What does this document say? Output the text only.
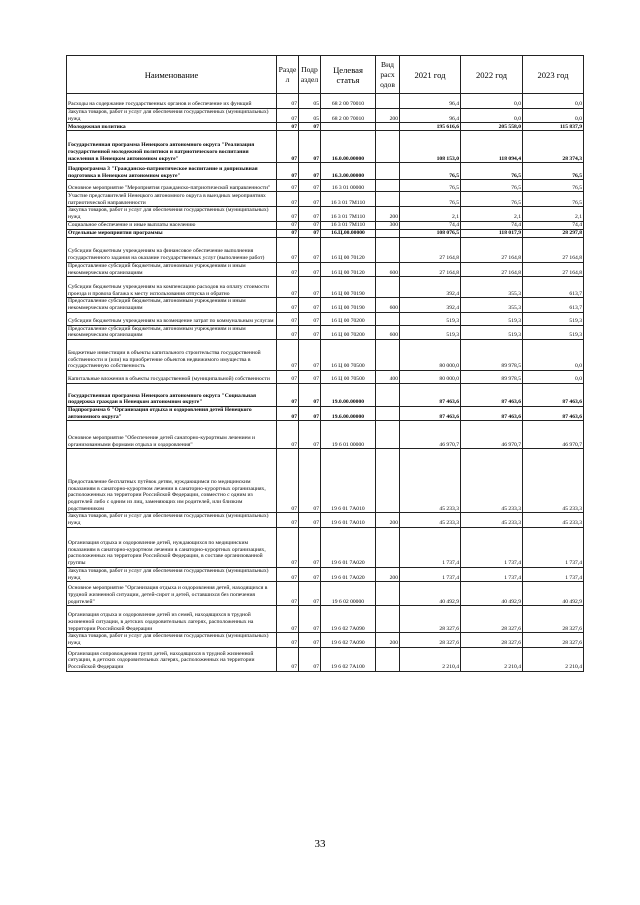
Наименование	Разде л	Подр аздел	Целевая статья	Вид расх одов	2021 год	2022 год	2023 год
Расходы на содержание государственных органов и обеспечение их функций	07	05	68 2 00 70010		96,4	0,0	0,0
Закупка товаров, работ и услуг для обеспечения государственных (муниципальных) нужд	07	05	68 2 00 70010	200	96,4	0,0	0,0
Молодежная политика	07	07			195 616,6	205 558,0	115 837,9
Государственная программа Ненецкого автономного округа "Реализация государственной молодежной политики и патриотического воспитания населения в Ненецком автономном округе"	07	07	16.0.00.00000		108 153,0	118 094,4	28 374,3
Подпрограмма 3 "Гражданско-патриотическое воспитание и допризывная подготовка в Ненецком автономном округе"	07	07	16.3.00.00000		76,5	76,5	76,5
Основное мероприятие "Мероприятия гражданско-патриотической направленности"	07	07	16 3 01 00000		76,5	76,5	76,5
Участие представителей Ненецкого автономного округа в выездных мероприятиях патриотической направленности	07	07	16 3 01 7М110		76,5	76,5	76,5
Закупка товаров, работ и услуг для обеспечения государственных (муниципальных) нужд	07	07	16 3 01 7М110	200	2,1	2,1	2,1
Социальное обеспечение и иные выплаты населению	07	07	16 3 01 7М110	300	74,4	74,4	74,4
Отдельные мероприятия программы	07	07	16.Ц.00.00000		108 076,5	118 017,9	28 297,8
Субсидии бюджетным учреждениям на финансовое обеспечение выполнения государственного задания на оказание государственных услуг (выполнение работ)	07	07	16 Ц 00 70120		27 164,8	27 164,8	27 164,8
Предоставление субсидий бюджетным, автономным учреждениям и иным некоммерческим организациям	07	07	16 Ц 00 70120	600	27 164,8	27 164,8	27 164,8
Субсидии бюджетным учреждениям на компенсацию расходов на оплату стоимости проезда и провоза багажа к месту использования отпуска и обратно	07	07	16 Ц 00 70190		392,4	355,3	613,7
Предоставление субсидий бюджетным, автономным учреждениям и иным некоммерческим организациям	07	07	16 Ц 00 70190	600	392,4	355,3	613,7
Субсидии бюджетным учреждениям на возмещение затрат по коммунальным услугам	07	07	16 Ц 00 70200		519,3	519,3	519,3
Предоставление субсидий бюджетным, автономным учреждениям и иным некоммерческим организациям	07	07	16 Ц 00 70200	600	519,3	519,3	519,3
Бюджетные инвестиции в объекты капитального строительства государственной собственности и (или) на приобретение объектов недвижимого имущества в государственную собственность	07	07	16 Ц 00 70500		80 000,0	89 978,5	0,0
Капитальные вложения в объекты государственной (муниципальной) собственности	07	07	16 Ц 00 70500	400	80 000,0	89 978,5	0,0
Государственная программа Ненецкого автономного округа "Социальная поддержка граждан в Ненецком автономном округе"	07	07	19.0.00.00000		87 463,6	87 463,6	87 463,6
Подпрограмма 6 "Организация отдыха и оздоровления детей Ненецкого автономного округа"	07	07	19.6.00.00000		87 463,6	87 463,6	87 463,6
Основное мероприятие "Обеспечение детей санаторно-курортным лечением и организованными формами отдыха и оздоровления"	07	07	19 6 01 00000		46 970,7	46 970,7	46 970,7
Предоставление бесплатных путёвок детям, нуждающимся по медицинским показаниям в санаторно-курортном лечении в санаторно-курортных организациях, расположенных на территории Российской Федерации, совместно с одним из родителей либо с одним из лиц, заменяющих им родителей, или близким родственником	07	07	19 6 01 7А010		45 233,3	45 233,3	45 233,3
Закупка товаров, работ и услуг для обеспечения государственных (муниципальных) нужд	07	07	19 6 01 7А010	200	45 233,3	45 233,3	45 233,3
Организация отдыха и оздоровление детей, нуждающихся по медицинским показаниям в санаторно-курортном лечении в санаторно-курортных организациях, расположенных на территории Российской Федерации, в составе организованной группы	07	07	19 6 01 7А020		1 737,4	1 737,4	1 737,4
Закупка товаров, работ и услуг для обеспечения государственных (муниципальных) нужд	07	07	19 6 01 7А020	200	1 737,4	1 737,4	1 737,4
Основное мероприятие "Организация отдыха и оздоровления детей, находящихся в трудной жизненной ситуации, детей-сирот и детей, оставшихся без попечения родителей"	07	07	19 6 02 00000		40 492,9	40 492,9	40 492,9
Организация отдыха и оздоровление детей из семей, находящихся в трудной жизненной ситуации, в детских оздоровительных лагерях, расположенных на территории Российской Федерации	07	07	19 6 02 7А090		28 327,6	28 327,6	28 327,6
Закупка товаров, работ и услуг для обеспечения государственных (муниципальных) нужд	07	07	19 6 02 7А090	200	28 327,6	28 327,6	28 327,6
Организация сопровождения групп детей, находящихся в трудной жизненной ситуации, в детских оздоровительных лагерях, расположенных на территории Российской Федерации	07	07	19 6 02 7А100		2 210,4	2 210,4	2 210,4
33
